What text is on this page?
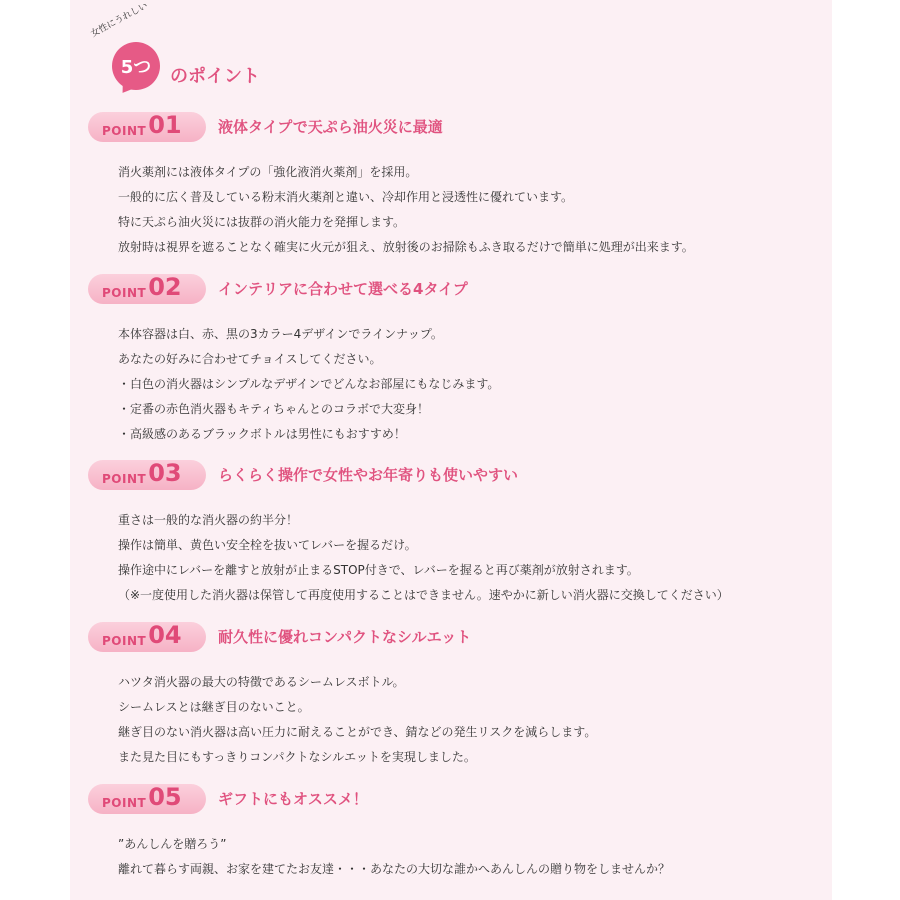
女性にうれしい
5つ	のポイント
POINT 01 液体タイプで天ぷら油火災に最適
消火薬剤には液体タイプの「強化液消火薬剤」を採用。
一般的に広く普及している粉末消火薬剤と違い、冷却作用と浸透性に優れています。
特に天ぷら油火災には抜群の消火能力を発揮します。
放射時は視界を遮ることなく確実に火元が狙え、放射後のお掃除もふき取るだけで簡単に処理が出来ます。
POINT 02 インテリアに合わせて選べる4タイプ
本体容器は白、赤、黒の3カラー4デザインでラインナップ。
あなたの好みに合わせてチョイスしてください。
・白色の消火器はシンプルなデザインでどんなお部屋にもなじみます。
・定番の赤色消火器もキティちゃんとのコラボで大変身！
・高級感のあるブラックボトルは男性にもおすすめ！
POINT 03 らくらく操作で女性やお年寄りも使いやすい
重さは一般的な消火器の約半分！
操作は簡単、黄色い安全栓を抜いてレバーを握るだけ。
操作途中にレバーを離すと放射が止まるSTOP付きで、レバーを握ると再び薬剤が放射されます。
（※一度使用した消火器は保管して再度使用することはできません。速やかに新しい消火器に交換してください）
POINT 04 耐久性に優れコンパクトなシルエット
ハツタ消火器の最大の特徴であるシームレスボトル。
シームレスとは継ぎ目のないこと。
継ぎ目のない消火器は高い圧力に耐えることができ、錆などの発生リスクを減らします。
また見た目にもすっきりコンパクトなシルエットを実現しました。
POINT 05 ギフトにもオススメ！
”あんしんを贈ろう”
離れて暮らす両親、お家を建てたお友達・・・あなたの大切な誰かへあんしんの贈り物をしませんか？
